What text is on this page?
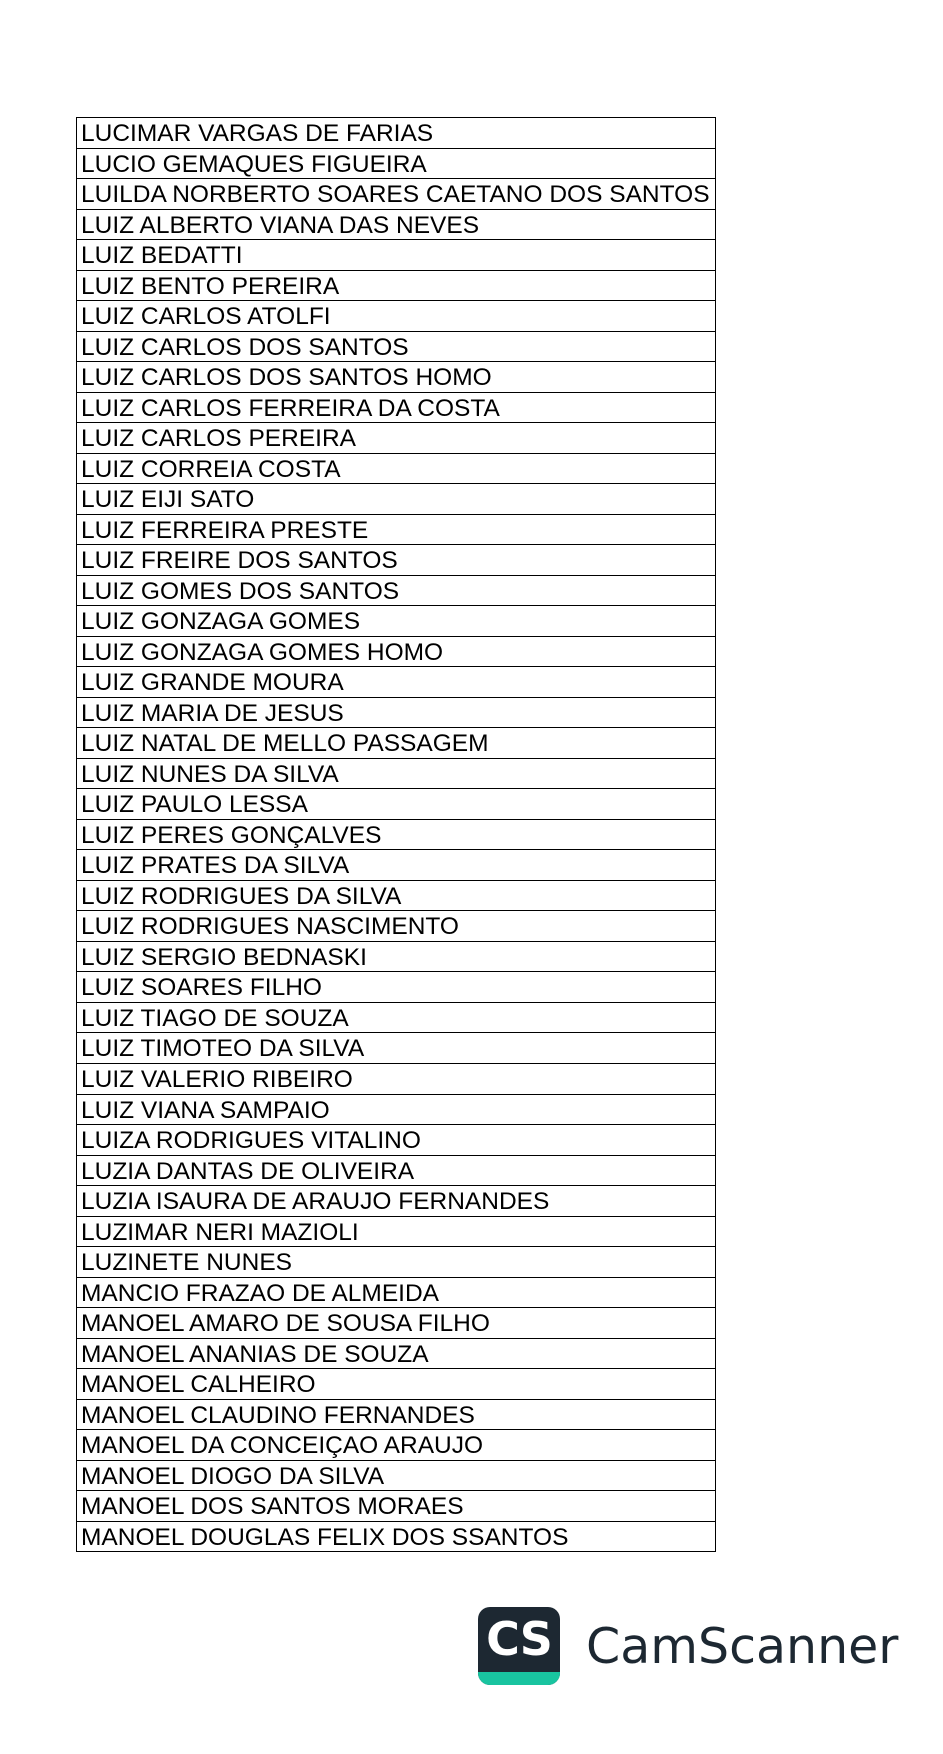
LUCIMAR VARGAS DE FARIAS
LUCIO GEMAQUES FIGUEIRA
LUILDA NORBERTO SOARES CAETANO DOS SANTOS
LUIZ ALBERTO VIANA DAS NEVES
LUIZ BEDATTI
LUIZ BENTO PEREIRA
LUIZ CARLOS ATOLFI
LUIZ CARLOS DOS SANTOS
LUIZ CARLOS DOS SANTOS HOMO
LUIZ CARLOS FERREIRA DA COSTA
LUIZ CARLOS PEREIRA
LUIZ CORREIA COSTA
LUIZ EIJI SATO
LUIZ FERREIRA PRESTE
LUIZ FREIRE DOS SANTOS
LUIZ GOMES DOS SANTOS
LUIZ GONZAGA GOMES
LUIZ GONZAGA GOMES HOMO
LUIZ GRANDE MOURA
LUIZ MARIA DE JESUS
LUIZ NATAL DE MELLO PASSAGEM
LUIZ NUNES DA SILVA
LUIZ PAULO LESSA
LUIZ PERES GONÇALVES
LUIZ PRATES DA SILVA
LUIZ RODRIGUES DA SILVA
LUIZ RODRIGUES NASCIMENTO
LUIZ SERGIO BEDNASKI
LUIZ SOARES FILHO
LUIZ TIAGO DE SOUZA
LUIZ TIMOTEO DA SILVA
LUIZ VALERIO RIBEIRO
LUIZ VIANA SAMPAIO
LUIZA RODRIGUES VITALINO
LUZIA DANTAS DE OLIVEIRA
LUZIA ISAURA DE ARAUJO FERNANDES
LUZIMAR NERI MAZIOLI
LUZINETE NUNES
MANCIO FRAZAO DE ALMEIDA
MANOEL AMARO DE SOUSA FILHO
MANOEL ANANIAS DE SOUZA
MANOEL CALHEIRO
MANOEL CLAUDINO FERNANDES
MANOEL DA CONCEIÇAO ARAUJO
MANOEL DIOGO DA SILVA
MANOEL DOS SANTOS MORAES
MANOEL DOUGLAS FELIX DOS SSANTOS
CS CamScanner
